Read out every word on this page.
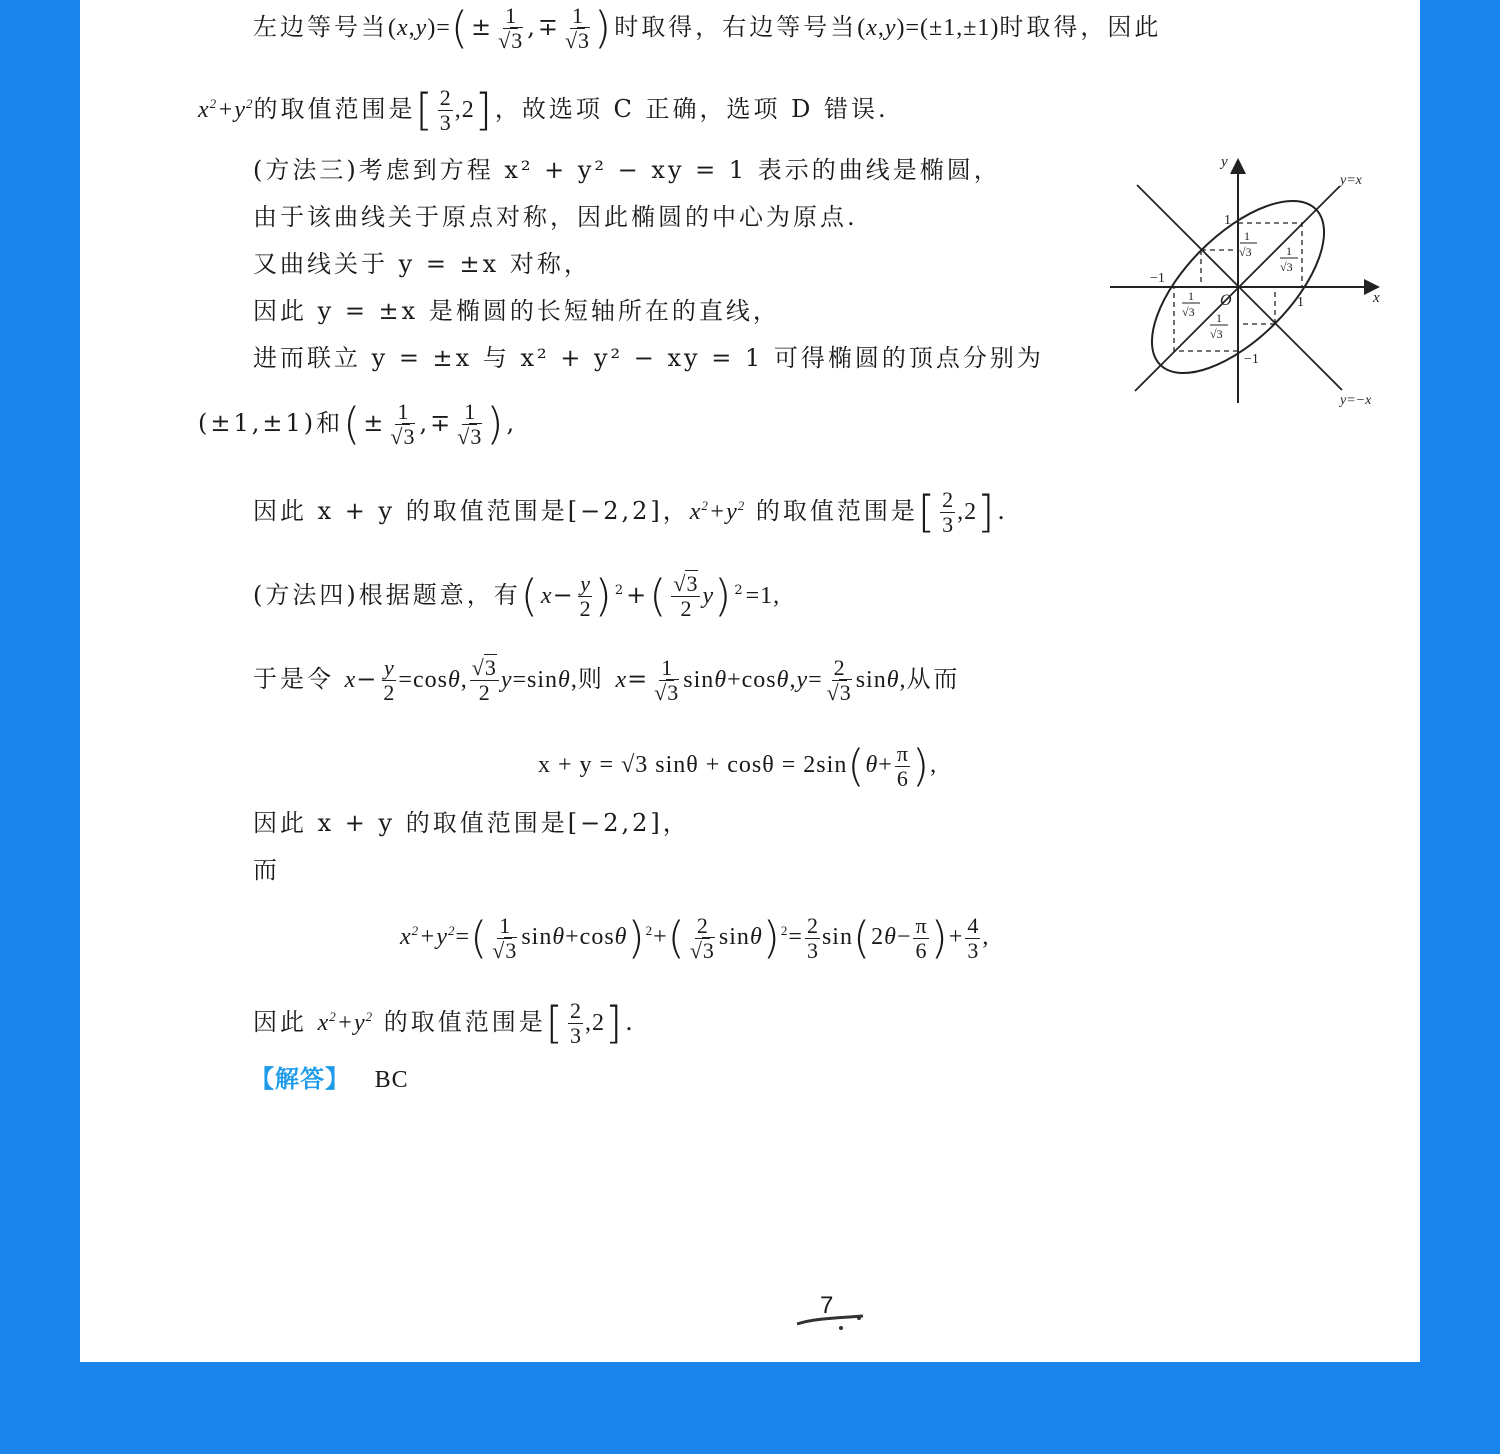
左边等号当$(x,y)=(\pm \frac{1}{√3}$ ,∓ $\frac{1}{√3}$ )时取得，右边等号当(x,y)=(±1,±1)时取得，因此
$x^2+y^2$的取值范围是[ $\frac{2}{3} ,2$]，故选项 C 正确，选项 D 错误.
(方法三)考虑到方程 x² + y² − xy = 1 表示的曲线是椭圆，
由于该曲线关于原点对称，因此椭圆的中心为原点.
又曲线关于 y = ±x 对称，
因此 y = ±x 是椭圆的长短轴所在的直线，
进而联立 y = ±x 与 x² + y² − xy = 1 可得椭圆的顶点分别为
(±1,±1)和(± $\frac{1}{√3}$ ,∓ $\frac{1}{√3}$ ),
因此 x + y 的取值范围是[−2,2]，$x^2+y^2$ 的取值范围是[ $\frac{2}{3} ,2$].
(方法四)根据题意，有$(x- \frac{y}{2} )^2+( \frac{√3}{2} y)^2=1$,
于是令 $x- \frac{y}{2} =\cos\theta$, $\frac{√3}{2} y=\sin\theta$,则 $x= \frac{1}{√3} \sin\theta+\cos\theta,y= \frac{2}{√3} \sin\theta$,从而
x + y = √3 $\sin\theta + \cos\theta = 2\sin(\theta+ \frac{\pi}{6}$ ),
因此 x + y 的取值范围是[−2,2]，
而
$x^2+y^2=( \frac{1}{√3} \sin\theta+\cos\theta)^2+( \frac{2}{√3} \sin\theta)^2= \frac{2}{3} \sin(2\theta- \frac{\pi}{6}$ )+ $\frac{4}{3}$ ,
因此 $x^2+y^2$ 的取值范围是[ $\frac{2}{3} ,2$].
【解答】 BC
y
x
O
y=x
y=−x
1
1
−1
−1
1
√3	1
√3
1
√3 1
√3
7
